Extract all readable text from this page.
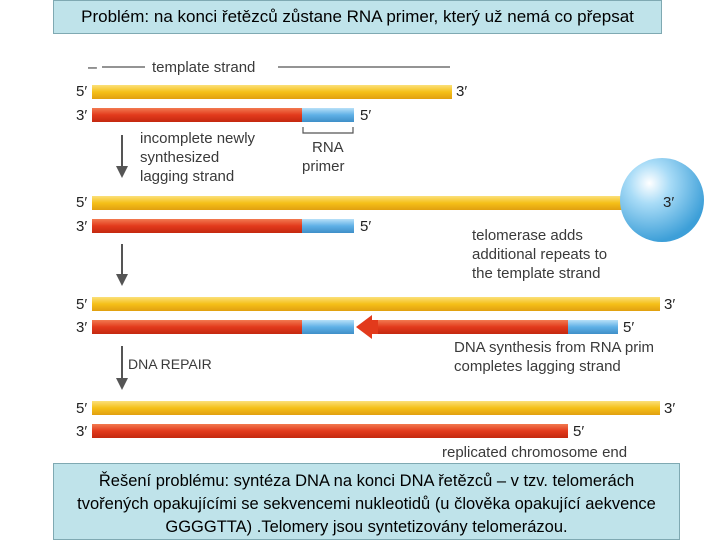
Problém: na konci řetězců zůstane RNA primer, který už nemá co přepsat
–	template strand
5′	3′
3′	5′
incomplete newly
synthesized
lagging strand
RNA
primer
5′	3′
3′	5′
telomerase adds
additional repeats to
the template strand
5′	3′
3′	5′
DNA synthesis from RNA prim
completes lagging strand
DNA REPAIR
5′	3′
3′	5′
replicated chromosome end
Řešení problému: syntéza DNA na konci DNA řetězců – v tzv. telomerách tvořených opakujícími se sekvencemi nukleotidů (u člověka opakující aekvence GGGGTTA) .Telomery jsou syntetizovány telomerázou.
